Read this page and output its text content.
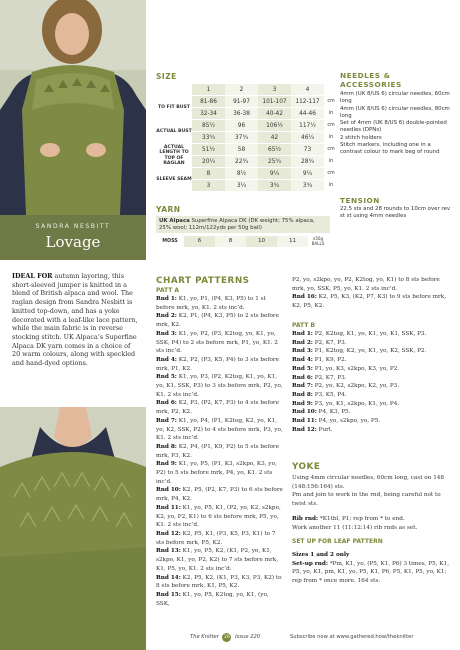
SANDRA NESBITT
Lovage
IDEAL FOR autumn layering, this short-sleeved jumper is knitted in a blend of British alpaca and wool. The raglan design from Sandra Nesbitt is knitted top-down, and has a yoke decorated with a leaf-like lace pattern, while the main fabric is in reverse stocking stitch. UK Alpaca’s Superfine Alpaca DK yarn comes in a choice of 20 warm colours, along with speckled and hand-dyed options.
SIZE
	1	2	3	4	
TO FIT BUST	81-86	91-97	101-107	112-117	cm
	32-34	36-38	40-42	44-46	in
ACTUAL BUST	85½	96	106½	117½	cm
	33¾	37¾	42	46¼	in
ACTUAL LENGTH TO TOP OF RAGLAN	51½	58	65½	73	cm
	20¼	22¾	25¾	28¾	in
SLEEVE SEAM	8	8½	9¼	9¼	cm
	3	3¼	3¾	3¾	in
YARN
UK Alpaca Superfine Alpaca DK (DK weight; 75% alpaca, 25% wool; 112m/122yds per 50g ball)
MOSS	6	8	10	11	x50g BALLS
NEEDLES & ACCESSORIES
4mm (UK 8/US 6) circular needles, 60cm long
4mm (UK 8/US 6) circular needles, 80cm long
Set of 4mm (UK 8/US 6) double-pointed needles (DPNs)
2 stitch holders
Stitch markers, including one in a contrast colour to mark beg of round
TENSION
22.5 sts and 28 rounds to 10cm over rev st st using 4mm needles
CHART PATTERNS
PATT A
Rnd 1: K1, yo, P1, (P4, K3, P5) to 1 st before mrk, yo, K1. 2 sts inc’d.
Rnd 2: K2, P1, (P4, K3, P5) to 2 sts before mrk, K2.
Rnd 3: K1, yo, P2, (P3, K2tog, yo, K1, yo, SSK, P4) to 2 sts before mrk, P1, yo, K1. 2 sts inc’d.
Rnd 4: K2, P2, (P3, K5, P4) to 3 sts before mrk, P1, K2.
Rnd 5: K1, yo, P3, (P2, K2tog, K1, yo, K1, yo, K1, SSK, P3) to 3 sts before mrk, P2, yo, K1. 2 sts inc’d.
Rnd 6: K2, P3, (P2, K7, P3) to 4 sts before mrk, P2, K2.
Rnd 7: K1, yo, P4, (P1, K2tog, K2, yo, K1, yo, K2, SSK, P2) to 4 sts before mrk, P3, yo, K1. 2 sts inc’d.
Rnd 8: K2, P4, (P1, K9, P2) to 5 sts before mrk, P3, K2.
Rnd 9: K1, yo, P5, (P1, K3, s2kpo, K3, yo, P2) to 5 sts before mrk, P4, yo, K1. 2 sts inc’d.
Rnd 10: K2, P5, (P2, K7, P3) to 6 sts before mrk, P4, K2.
Rnd 11: K1, yo, P5, K1, (P2, yo, K2, s2kpo, K2, yo, P2, K1) to 6 sts before mrk, P5, yo, K1. 2 sts inc’d.
Rnd 12: K2, P5, K1, (P3, K5, P3, K1) to 7 sts before mrk, P5, K2.
Rnd 13: K1, yo, P5, K2, (K1, P2, yo, K1, s2kpo, K1, yo, P2, K2) to 7 sts before mrk, K1, P5, yo, K1. 2 sts inc’d.
Rnd 14: K2, P5, K2, (K1, P3, K3, P3, K2) to 8 sts before mrk, K1, P5, K2.
Rnd 15: K1, yo, P5, K2tog, yo, K1, (yo, SSK,
P2, yo, s2kpo, yo, P2, K2tog, yo, K1) to 8 sts before mrk, yo, SSK, P5, yo, K1. 2 sts inc’d.
Rnd 16: K2, P5, K3, (K2, P7, K3) to 9 sts before mrk, K2, P5, K2.
PATT B
Rnd 1: P2, K2tog, K1, yo, K1, yo, K1, SSK, P3.
Rnd 2: P2, K7, P3.
Rnd 3: P1, K2tog, K2, yo, K1, yo, K2, SSK, P2.
Rnd 4: P1, K9, P2.
Rnd 5: P1, yo, K3, s2kpo, K3, yo, P2.
Rnd 6: P2, K7, P3.
Rnd 7: P2, yo, K2, s2kpo, K2, yo, P3.
Rnd 8: P3, K5, P4.
Rnd 9: P3, yo, K1, s2kpo, K1, yo, P4.
Rnd 10: P4, K3, P5.
Rnd 11: P4, yo, s2kpo, yo, P5.
Rnd 12: Purl.
YOKE
Using 4mm circular needles, 60cm long, cast on 148 (148:156:164) sts.
Pm and join to work in the rnd, being careful not to twist sts.
Rib rnd: *K1tbl, P1; rep from * to end.
Work another 11 (11:12:14) rib rnds as set.
SET UP FOR LEAF PATTERN
Sizes 1 and 2 only
Set-up rnd: *Pm, K1, yo, (P5, K1, P6) 3 times, P5, K1, P5, yo, K1, pm, K1, yo, P5, K1, P6, P5, K1, P5, yo, K1; rep from * once more. 164 sts.
The Knitter 26 Issue 220	Subscribe now at www.gathered.how/theknitter
